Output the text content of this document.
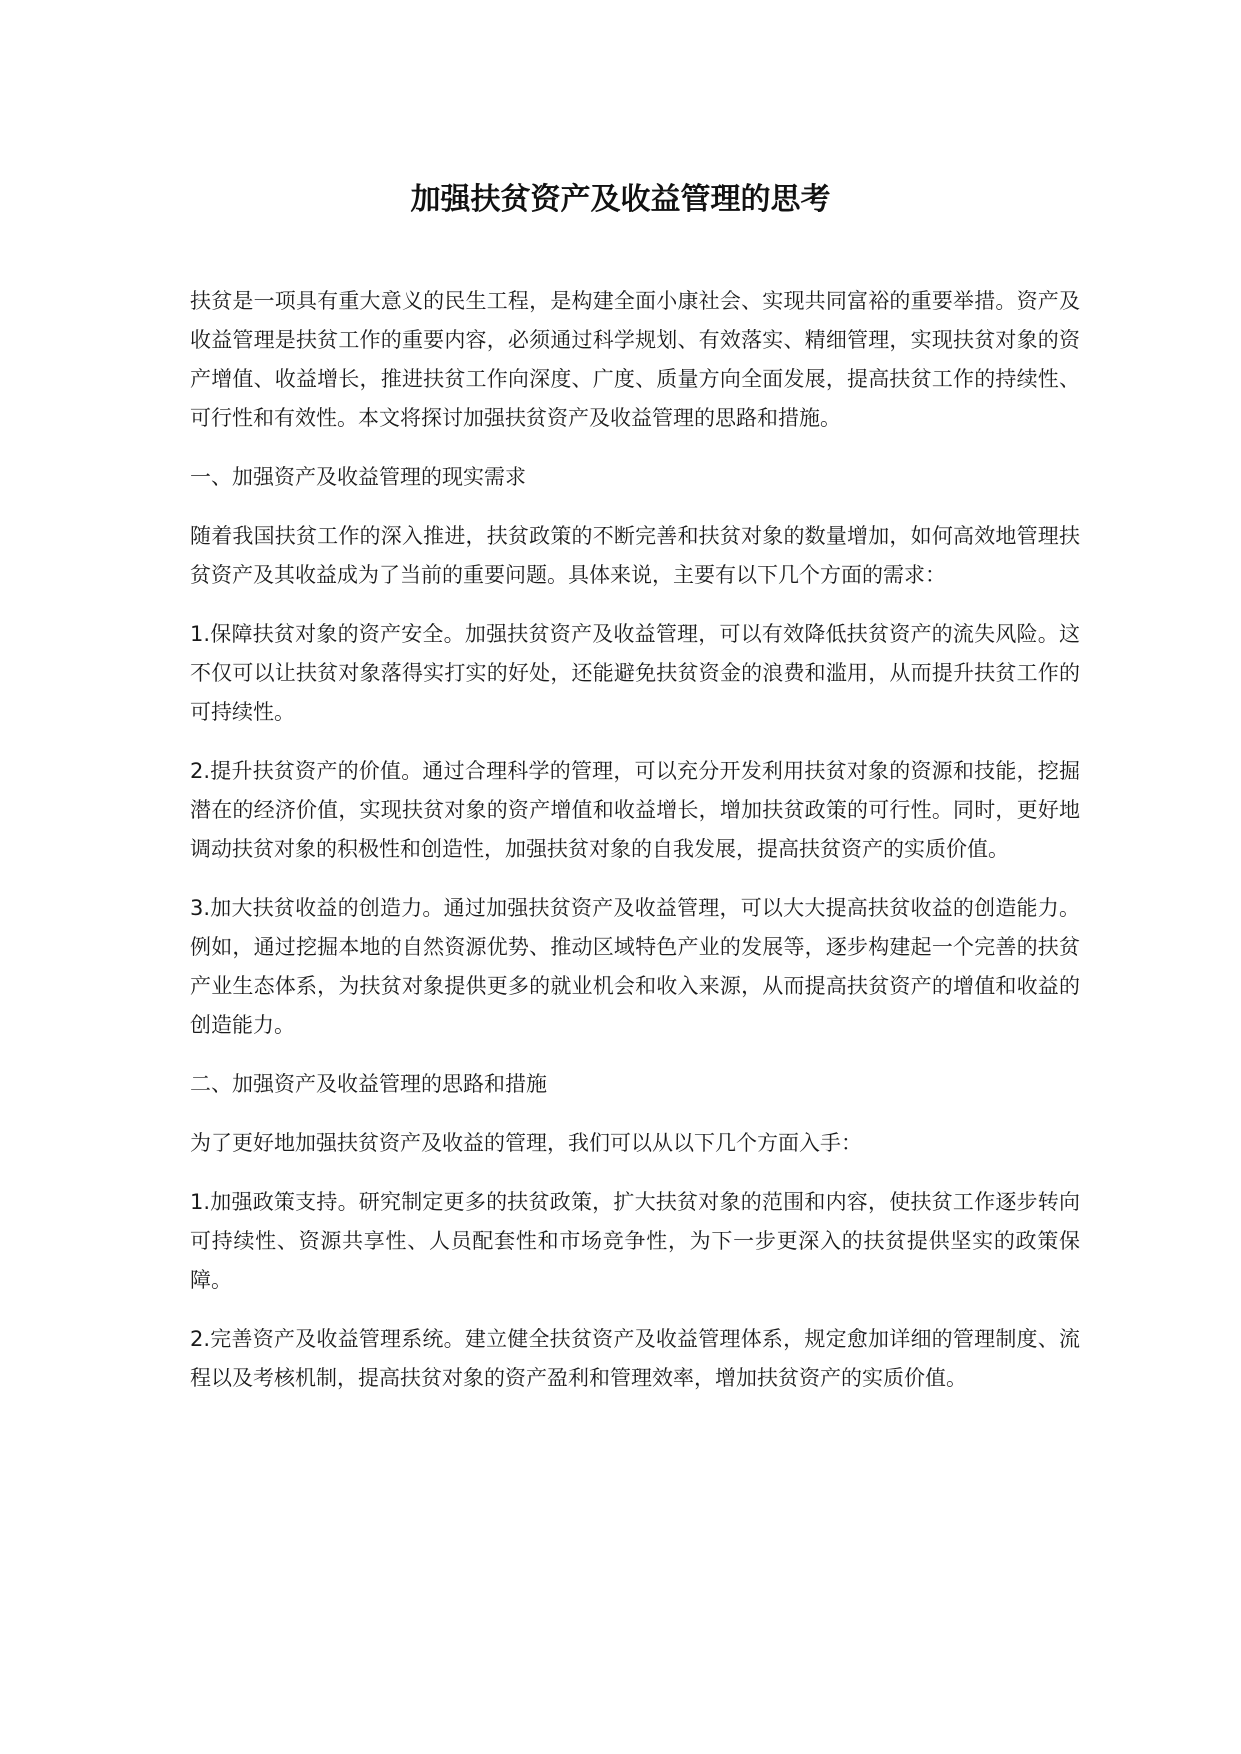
加强扶贫资产及收益管理的思考

扶贫是一项具有重大意义的民生工程，是构建全面小康社会、实现共同富裕的重要举措。资产及收益管理是扶贫工作的重要内容，必须通过科学规划、有效落实、精细管理，实现扶贫对象的资产增值、收益增长，推进扶贫工作向深度、广度、质量方向全面发展，提高扶贫工作的持续性、可行性和有效性。本文将探讨加强扶贫资产及收益管理的思路和措施。

一、加强资产及收益管理的现实需求

随着我国扶贫工作的深入推进，扶贫政策的不断完善和扶贫对象的数量增加，如何高效地管理扶贫资产及其收益成为了当前的重要问题。具体来说，主要有以下几个方面的需求：

1.保障扶贫对象的资产安全。加强扶贫资产及收益管理，可以有效降低扶贫资产的流失风险。这不仅可以让扶贫对象落得实打实的好处，还能避免扶贫资金的浪费和滥用，从而提升扶贫工作的可持续性。

2.提升扶贫资产的价值。通过合理科学的管理，可以充分开发利用扶贫对象的资源和技能，挖掘潜在的经济价值，实现扶贫对象的资产增值和收益增长，增加扶贫政策的可行性。同时，更好地调动扶贫对象的积极性和创造性，加强扶贫对象的自我发展，提高扶贫资产的实质价值。

3.加大扶贫收益的创造力。通过加强扶贫资产及收益管理，可以大大提高扶贫收益的创造能力。例如，通过挖掘本地的自然资源优势、推动区域特色产业的发展等，逐步构建起一个完善的扶贫产业生态体系，为扶贫对象提供更多的就业机会和收入来源，从而提高扶贫资产的增值和收益的创造能力。

二、加强资产及收益管理的思路和措施

为了更好地加强扶贫资产及收益的管理，我们可以从以下几个方面入手：

1.加强政策支持。研究制定更多的扶贫政策，扩大扶贫对象的范围和内容，使扶贫工作逐步转向可持续性、资源共享性、人员配套性和市场竞争性，为下一步更深入的扶贫提供坚实的政策保障。

2.完善资产及收益管理系统。建立健全扶贫资产及收益管理体系，规定愈加详细的管理制度、流程以及考核机制，提高扶贫对象的资产盈利和管理效率，增加扶贫资产的实质价值。
